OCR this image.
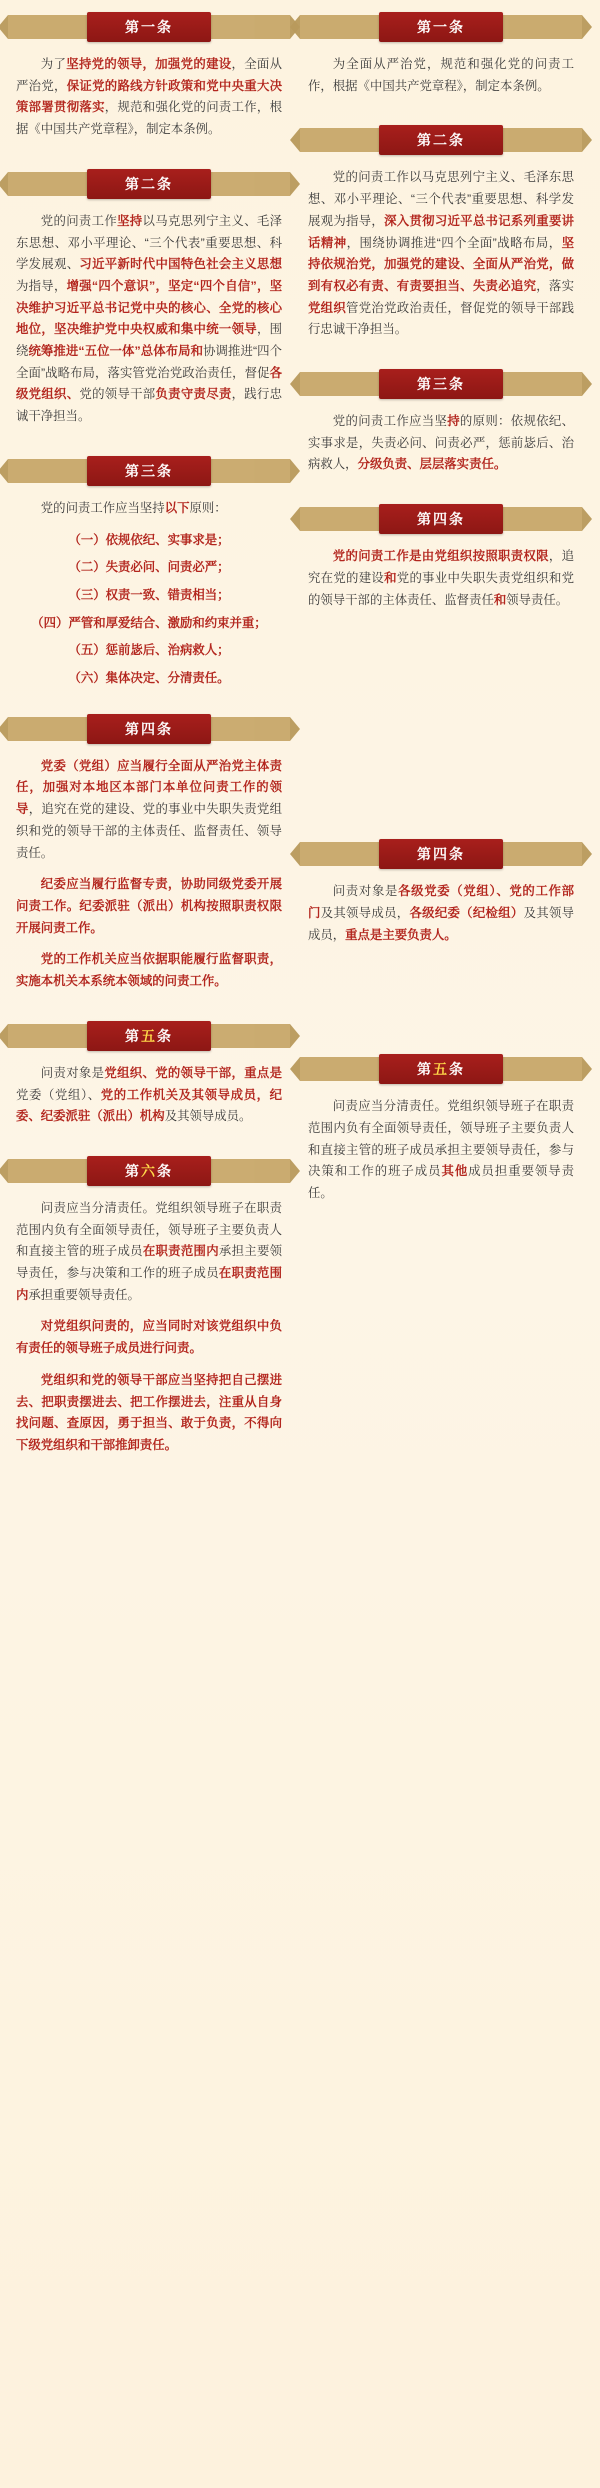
第一条

为了坚持党的领导，加强党的建设，全面从严治党，保证党的路线方针政策和党中央重大决策部署贯彻落实，规范和强化党的问责工作，根据《中国共产党章程》，制定本条例。

第二条

党的问责工作坚持以马克思列宁主义、毛泽东思想、邓小平理论、“三个代表”重要思想、科学发展观、习近平新时代中国特色社会主义思想为指导，增强“四个意识”，坚定“四个自信”，坚决维护习近平总书记党中央的核心、全党的核心地位，坚决维护党中央权威和集中统一领导，围绕统筹推进“五位一体”总体布局和协调推进“四个全面”战略布局，落实管党治党政治责任，督促各级党组织、党的领导干部负责守责尽责，践行忠诚干净担当。

第三条

党的问责工作应当坚持以下原则：

（一）依规依纪、实事求是；

（二）失责必问、问责必严；

（三）权责一致、错责相当；

（四）严管和厚爱结合、激励和约束并重；

（五）惩前毖后、治病救人；

（六）集体决定、分清责任。

第四条

党委（党组）应当履行全面从严治党主体责任，加强对本地区本部门本单位问责工作的领导，追究在党的建设、党的事业中失职失责党组织和党的领导干部的主体责任、监督责任、领导责任。

纪委应当履行监督专责，协助同级党委开展问责工作。纪委派驻（派出）机构按照职责权限开展问责工作。

党的工作机关应当依据职能履行监督职责，实施本机关本系统本领域的问责工作。

第五条

问责对象是党组织、党的领导干部，重点是党委（党组）、党的工作机关及其领导成员，纪委、纪委派驻（派出）机构及其领导成员。

第六条

问责应当分清责任。党组织领导班子在职责范围内负有全面领导责任，领导班子主要负责人和直接主管的班子成员在职责范围内承担主要领导责任，参与决策和工作的班子成员在职责范围内承担重要领导责任。

对党组织问责的，应当同时对该党组织中负有责任的领导班子成员进行问责。

党组织和党的领导干部应当坚持把自己摆进去、把职责摆进去、把工作摆进去，注重从自身找问题、查原因，勇于担当、敢于负责，不得向下级党组织和干部推卸责任。

第一条

为全面从严治党，规范和强化党的问责工作，根据《中国共产党章程》，制定本条例。

第二条

党的问责工作以马克思列宁主义、毛泽东思想、邓小平理论、“三个代表”重要思想、科学发展观为指导，深入贯彻习近平总书记系列重要讲话精神，围绕协调推进“四个全面”战略布局，坚持依规治党，加强党的建设、全面从严治党，做到有权必有责、有责要担当、失责必追究，落实党组织管党治党政治责任，督促党的领导干部践行忠诚干净担当。

第三条

党的问责工作应当坚持的原则：依规依纪、实事求是，失责必问、问责必严，惩前毖后、治病救人，分级负责、层层落实责任。

第四条

党的问责工作是由党组织按照职责权限，追究在党的建设和党的事业中失职失责党组织和党的领导干部的主体责任、监督责任和领导责任。

第四条

问责对象是各级党委（党组）、党的工作部门及其领导成员，各级纪委（纪检组）及其领导成员，重点是主要负责人。

第五条

问责应当分清责任。党组织领导班子在职责范围内负有全面领导责任，领导班子主要负责人和直接主管的班子成员承担主要领导责任，参与决策和工作的班子成员其他成员担重要领导责任。
